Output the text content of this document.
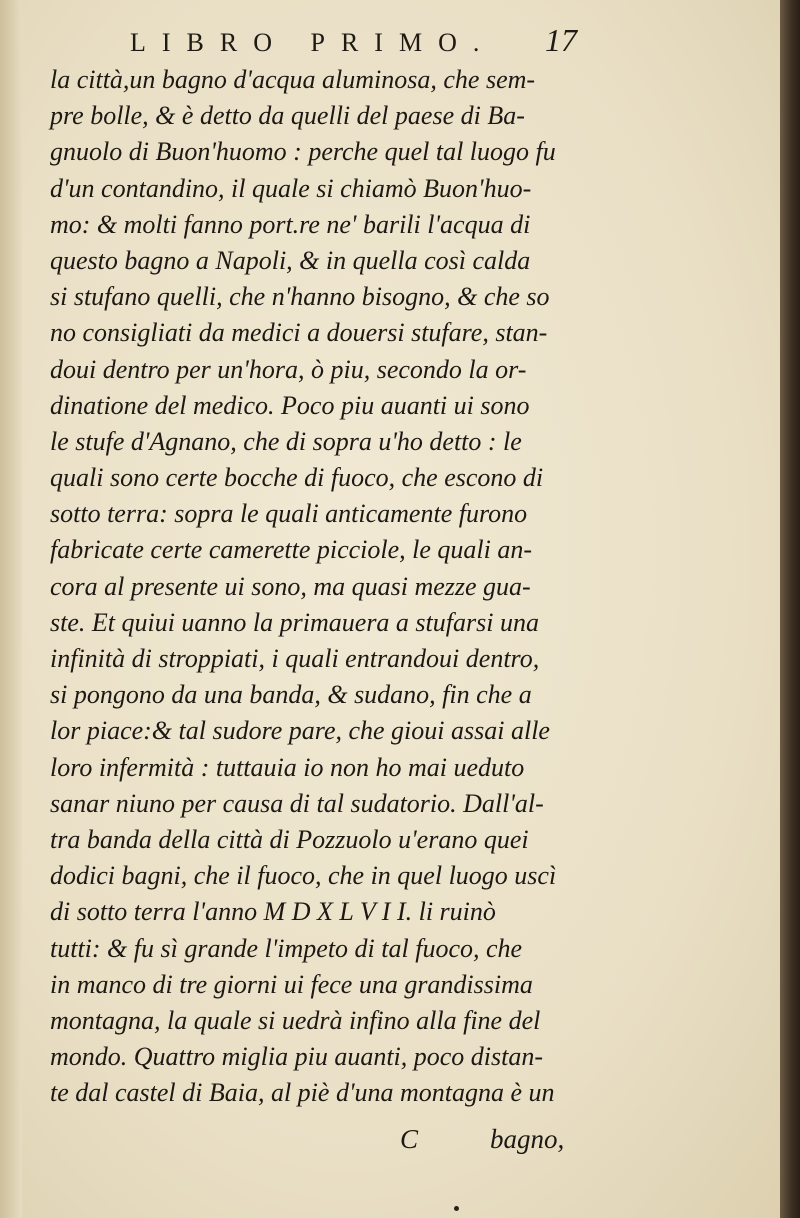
LIBRO PRIMO. 17
la città,un bagno d'acqua aluminosa, che sem-
pre bolle, & è detto da quelli del paese di Ba-
gnuolo di Buon'huomo : perche quel tal luogo fu
d'un contandino, il quale si chiamò Buon'huo-
mo: & molti fanno port.re ne' barili l'acqua di
questo bagno a Napoli, & in quella così calda
si stufano quelli, che n'hanno bisogno, & che so
no consigliati da medici a douersi stufare, stan-
doui dentro per un'hora, ò piu, secondo la or-
dinatione del medico. Poco piu auanti ui sono
le stufe d'Agnano, che di sopra u'ho detto : le
quali sono certe bocche di fuoco, che escono di
sotto terra: sopra le quali anticamente furono
fabricate certe camerette picciole, le quali an-
cora al presente ui sono, ma quasi mezze gua-
ste. Et quiui uanno la primauera a stufarsi una
infinità di stroppiati, i quali entrandoui dentro,
si pongono da una banda, & sudano, fin che a
lor piace:& tal sudore pare, che gioui assai alle
loro infermità : tuttauia io non ho mai ueduto
sanar niuno per causa di tal sudatorio. Dall'al-
tra banda della città di Pozzuolo u'erano quei
dodici bagni, che il fuoco, che in quel luogo uscì
di sotto terra l'anno M D X L V I I. li ruinò
tutti: & fu sì grande l'impeto di tal fuoco, che
in manco di tre giorni ui fece una grandissima
montagna, la quale si uedrà infino alla fine del
mondo. Quattro miglia piu auanti, poco distan-
te dal castel di Baia, al piè d'una montagna è un
C	bagno,
